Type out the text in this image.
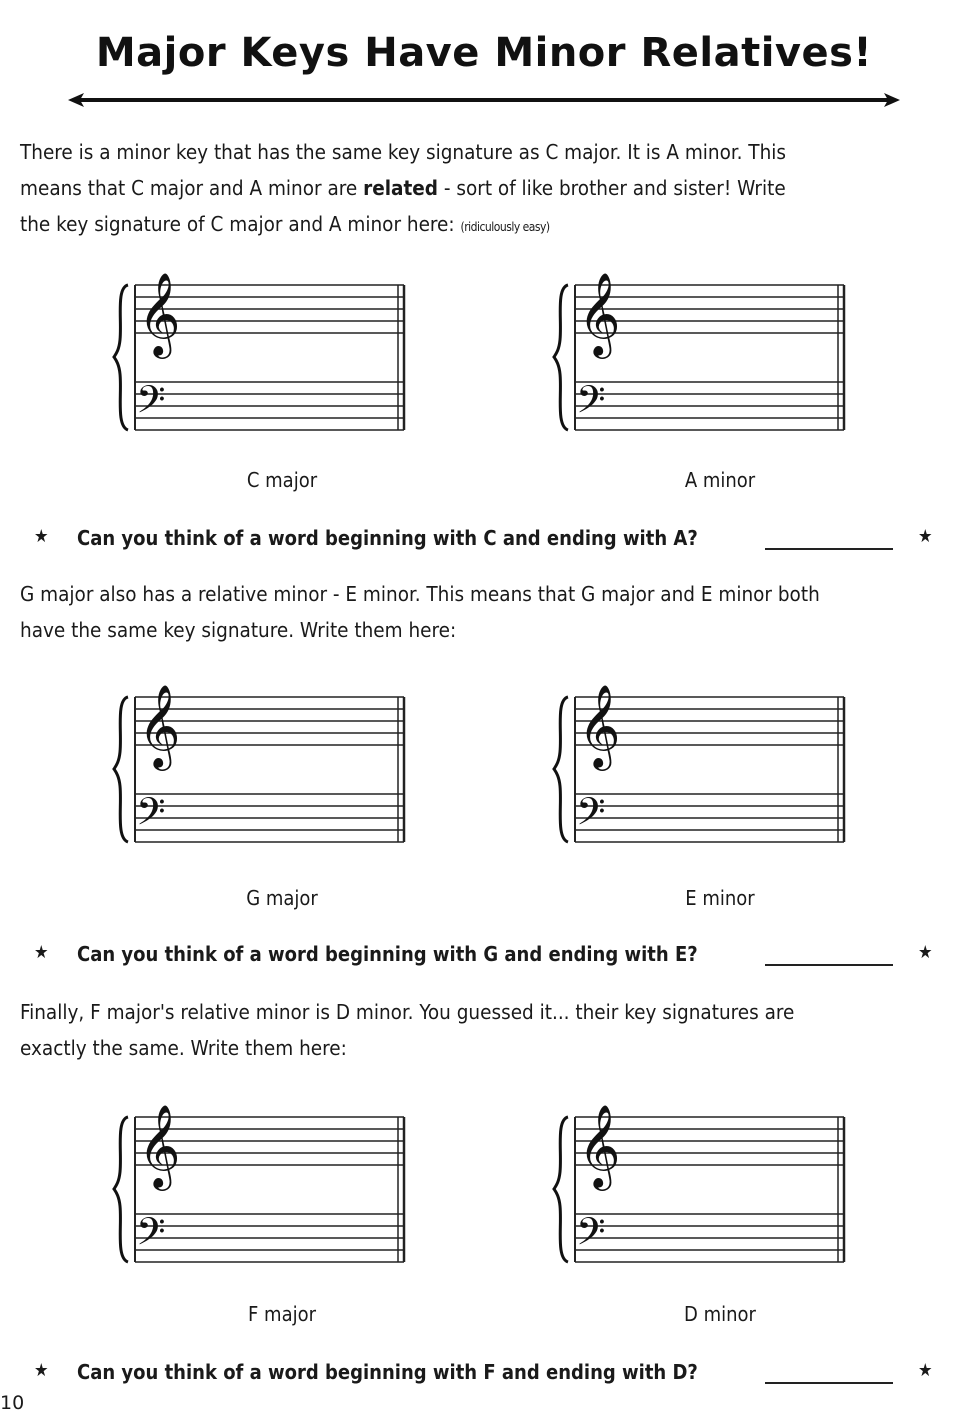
Major Keys Have Minor Relatives!
There is a minor key that has the same key signature as C major. It is A minor. This
means that C major and A minor are related - sort of like brother and sister! Write
the key signature of C major and A minor here: (ridiculously easy)
𝄞
𝄢
𝄞
𝄢
C major	A minor
★ Can you think of a word beginning with C and ending with A?	★
G major also has a relative minor - E minor. This means that G major and E minor both
have the same key signature. Write them here:
𝄞
𝄢
𝄞
𝄢
G major	E minor
★ Can you think of a word beginning with G and ending with E?	★
Finally, F major's relative minor is D minor. You guessed it... their key signatures are
exactly the same. Write them here:
𝄞
𝄢
𝄞
𝄢
F major	D minor
★ Can you think of a word beginning with F and ending with D?	★
10
